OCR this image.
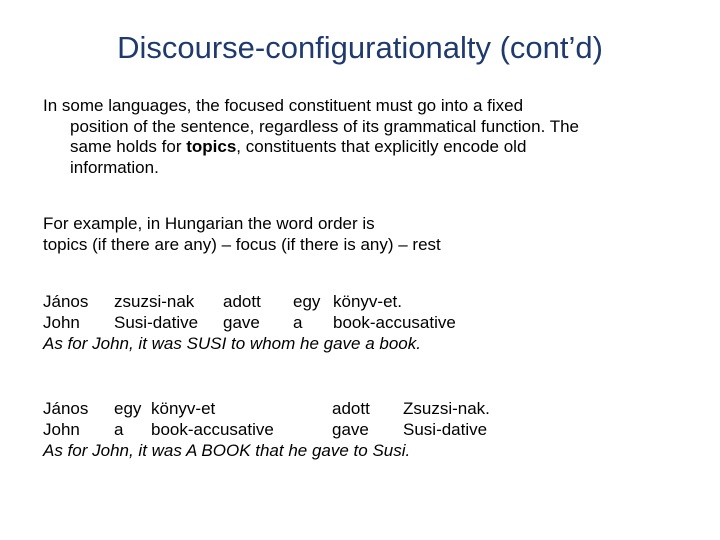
Discourse-configurationalty (cont’d)
In some languages, the focused constituent must go into a fixed
position of the sentence, regardless of its grammatical function. The
same holds for topics, constituents that explicitly encode old
information.
For example, in Hungarian the word order is
topics (if there are any) – focus (if there is any) – rest
János zsuzsi-nak adott egy könyv-et.
John Susi-dative gave a book-accusative
As for John, it was SUSI to whom he gave a book.
János egy könyv-et	adott Zsuzsi-nak.
John a book-accusative	gave Susi-dative
As for John, it was A BOOK that he gave to Susi.
